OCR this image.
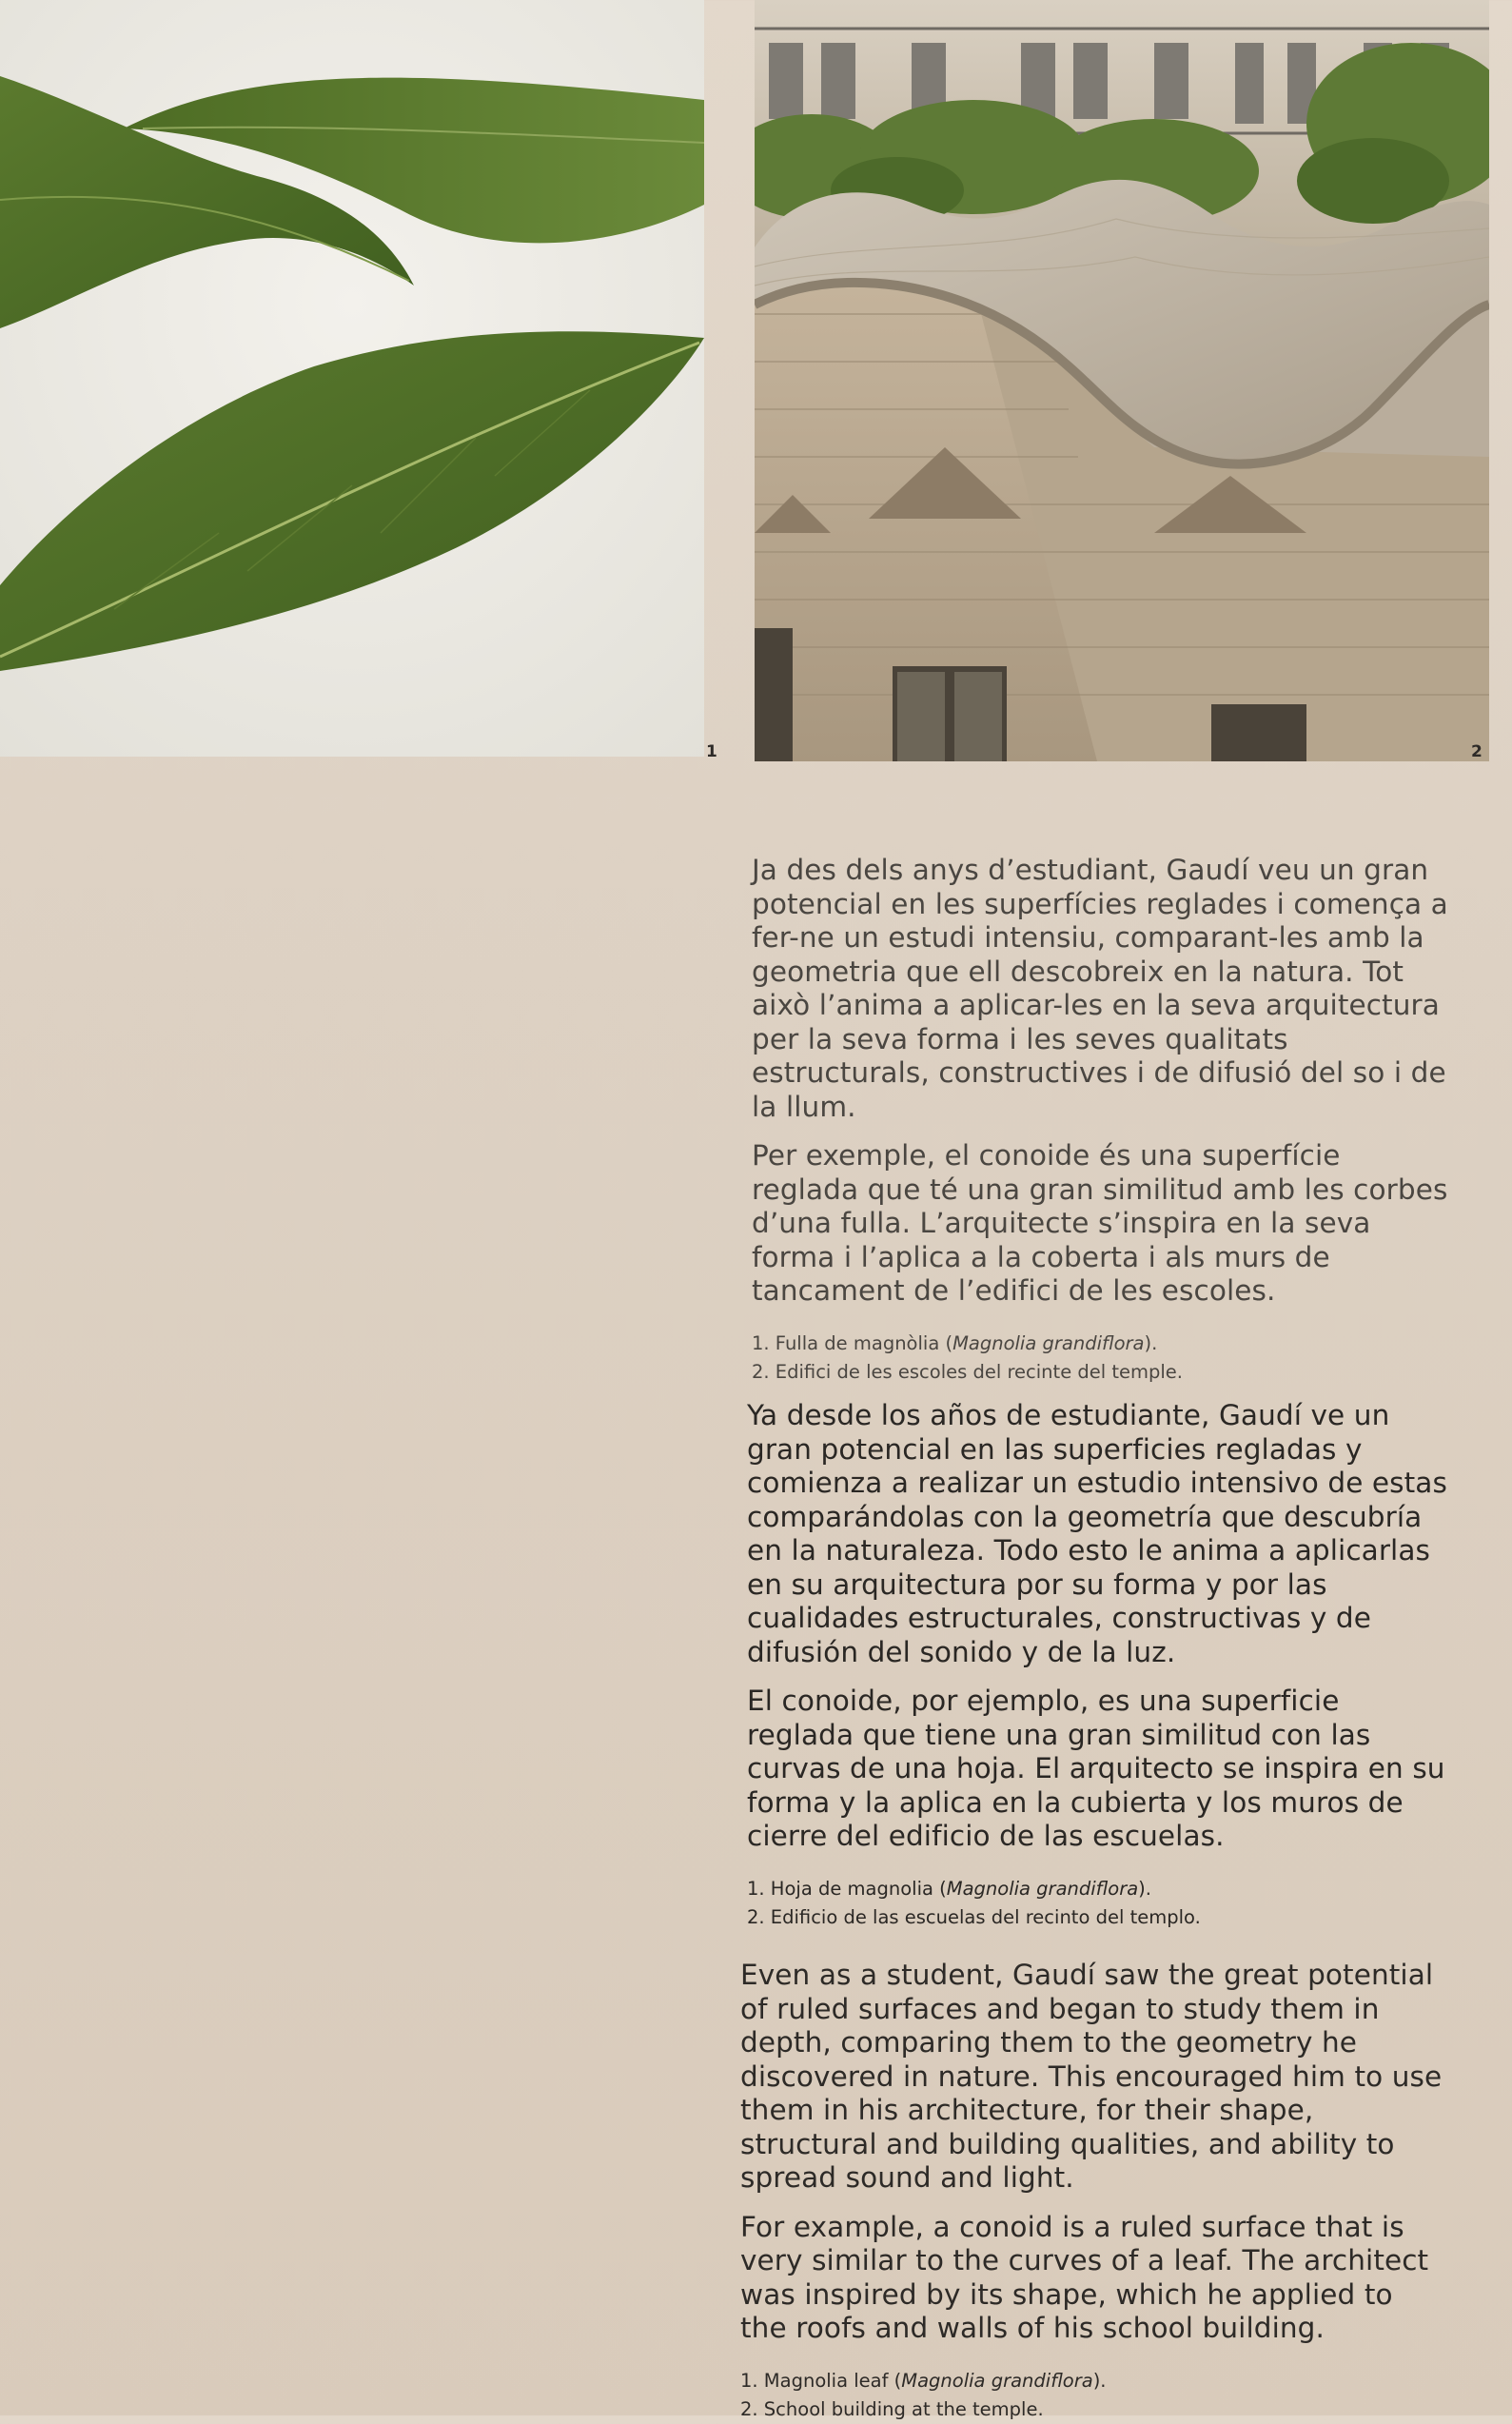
1	2

Ja des dels anys d’estudiant, Gaudí veu un gran potencial en les superfícies reglades i comença a fer-ne un estudi intensiu, comparant-les amb la geometria que ell descobreix en la natura. Tot això l’anima a aplicar-les en la seva arquitectura per la seva forma i les seves qualitats estructurals, constructives i de difusió del so i de la llum.

Per exemple, el conoide és una superfície reglada que té una gran similitud amb les corbes d’una fulla. L’arquitecte s’inspira en la seva forma i l’aplica a la coberta i als murs de tancament de l’edifici de les escoles.

1. Fulla de magnòlia (Magnolia grandiflora).
2. Edifici de les escoles del recinte del temple.

Ya desde los años de estudiante, Gaudí ve un gran potencial en las superficies regladas y comienza a realizar un estudio intensivo de estas comparándolas con la geometría que descubría en la naturaleza. Todo esto le anima a aplicarlas en su arquitectura por su forma y por las cualidades estructurales, constructivas y de difusión del sonido y de la luz.

El conoide, por ejemplo, es una superficie reglada que tiene una gran similitud con las curvas de una hoja. El arquitecto se inspira en su forma y la aplica en la cubierta y los muros de cierre del edificio de las escuelas.

1. Hoja de magnolia (Magnolia grandiflora).
2. Edificio de las escuelas del recinto del templo.

Even as a student, Gaudí saw the great potential of ruled surfaces and began to study them in depth, comparing them to the geometry he discovered in nature. This encouraged him to use them in his architecture, for their shape, structural and building qualities, and ability to spread sound and light.

For example, a conoid is a ruled surface that is very similar to the curves of a leaf. The architect was inspired by its shape, which he applied to the roofs and walls of his school building.

1. Magnolia leaf (Magnolia grandiflora).
2. School building at the temple.
